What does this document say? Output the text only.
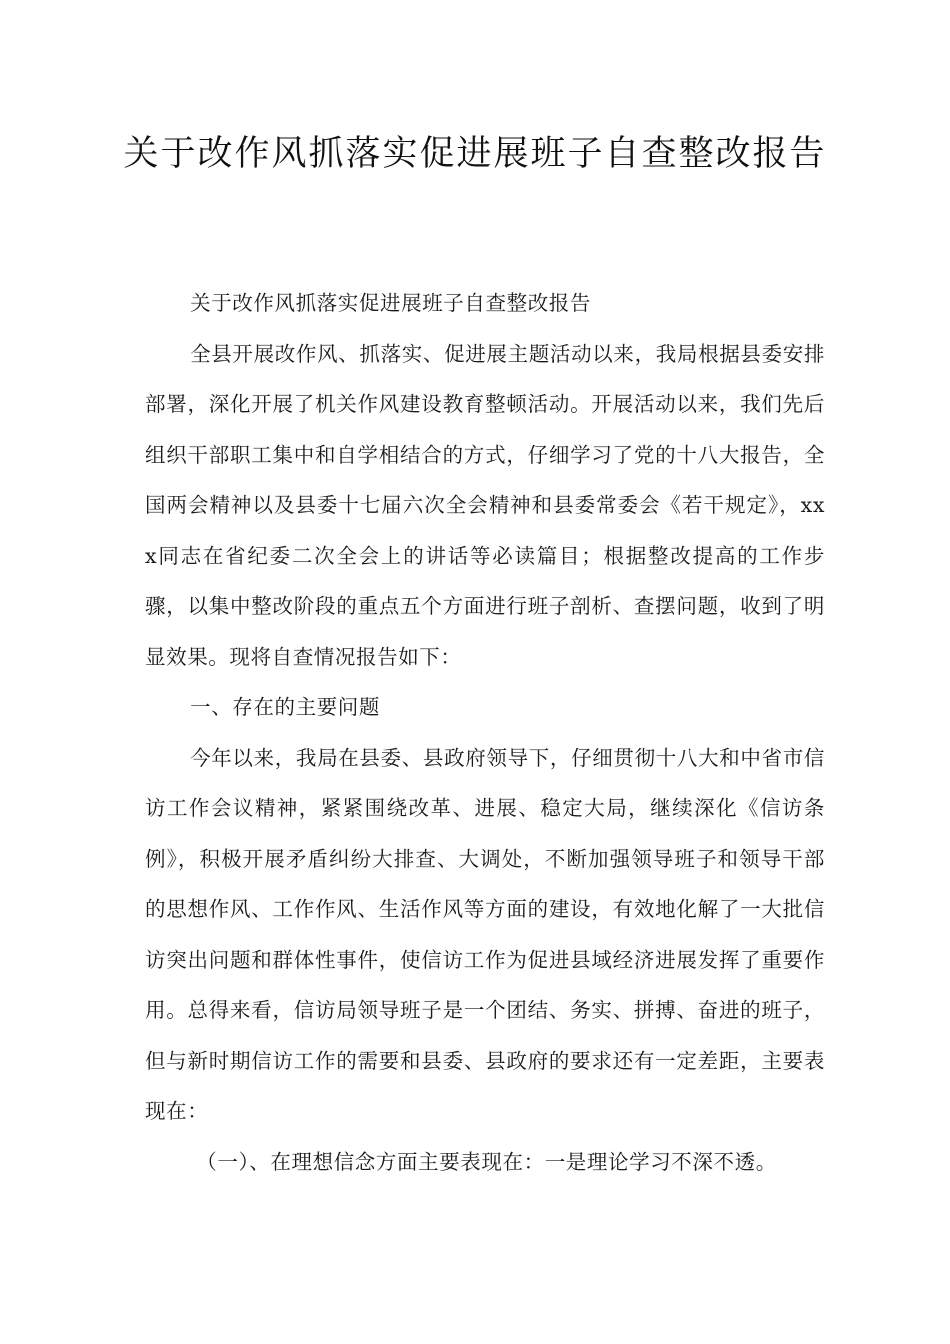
关于改作风抓落实促进展班子自查整改报告

关于改作风抓落实促进展班子自查整改报告

全县开展改作风、抓落实、促进展主题活动以来，我局根据县委安排部署，深化开展了机关作风建设教育整顿活动。开展活动以来，我们先后组织干部职工集中和自学相结合的方式，仔细学习了党的十八大报告，全国两会精神以及县委十七届六次全会精神和县委常委会《若干规定》，xxx同志在省纪委二次全会上的讲话等必读篇目；根据整改提高的工作步骤，以集中整改阶段的重点五个方面进行班子剖析、查摆问题，收到了明显效果。现将自查情况报告如下：

一、存在的主要问题

今年以来，我局在县委、县政府领导下，仔细贯彻十八大和中省市信访工作会议精神，紧紧围绕改革、进展、稳定大局，继续深化《信访条例》，积极开展矛盾纠纷大排查、大调处，不断加强领导班子和领导干部的思想作风、工作作风、生活作风等方面的建设，有效地化解了一大批信访突出问题和群体性事件，使信访工作为促进县域经济进展发挥了重要作用。总得来看，信访局领导班子是一个团结、务实、拼搏、奋进的班子，但与新时期信访工作的需要和县委、县政府的要求还有一定差距，主要表现在：

（一）、在理想信念方面主要表现在：一是理论学习不深不透。
